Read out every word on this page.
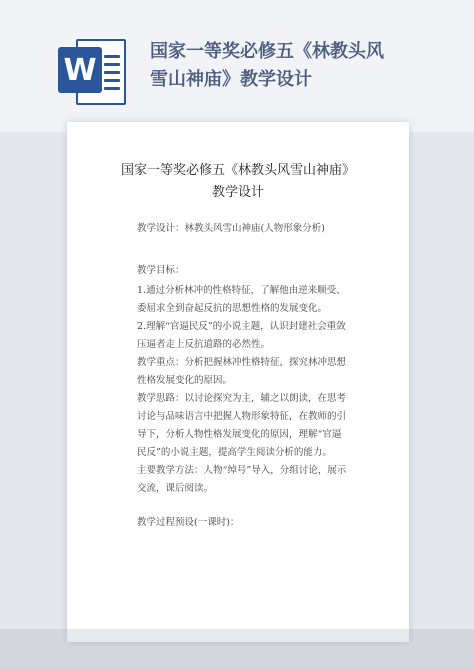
W
国家一等奖必修五《林教头风
雪山神庙》教学设计
国家一等奖必修五《林教头风雪山神庙》
教学设计
教学设计：林教头风雪山神庙(人物形象分析)
教学目标：
1.通过分析林冲的性格特征，了解他由逆来顺受、委屈求全到奋起反抗的思想性格的发展变化。
2.理解“官逼民反”的小说主题，认识封建社会重敛压逼者走上反抗道路的必然性。
教学重点：分析把握林冲性格特征，探究林冲思想性格发展变化的原因。
教学思路：以讨论探究为主，辅之以朗读，在思考讨论与品味语言中把握人物形象特征，在教师的引导下，分析人物性格发展变化的原因，理解“官逼民反”的小说主题，提高学生阅读分析的能力。
主要教学方法：人物“绰号”导入，分组讨论，展示交流，课后阅读。
教学过程预设(一课时)：
